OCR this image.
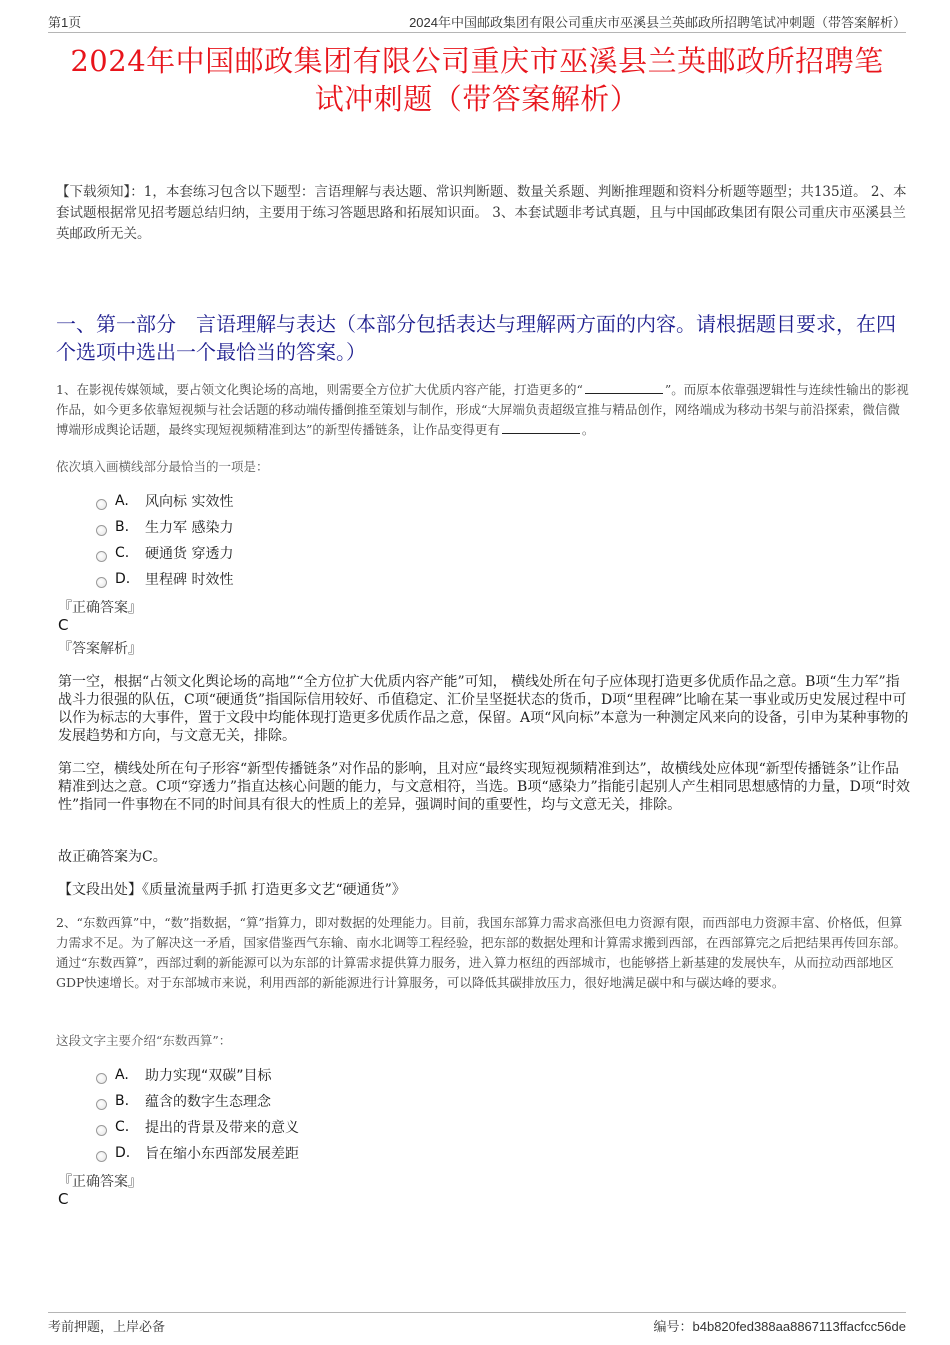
第1页	2024年中国邮政集团有限公司重庆市巫溪县兰英邮政所招聘笔试冲刺题（带答案解析）
2024年中国邮政集团有限公司重庆市巫溪县兰英邮政所招聘笔
试冲刺题（带答案解析）
【下载须知】：1，本套练习包含以下题型：言语理解与表达题、常识判断题、数量关系题、判断推理题和资料分析题等题型；共135道。 2、本套试题根据常见招考题总结归纳，主要用于练习答题思路和拓展知识面。 3、本套试题非考试真题，且与中国邮政集团有限公司重庆市巫溪县兰英邮政所无关。
一、第一部分　言语理解与表达（本部分包括表达与理解两方面的内容。请根据题目要求，在四个选项中选出一个最恰当的答案。）
1、在影视传媒领域，要占领文化舆论场的高地，则需要全方位扩大优质内容产能，打造更多的“	”。而原本依靠强逻辑性与连续性输出的影视作品，如今更多依靠短视频与社会话题的移动端传播倒推至策划与制作，形成“大屏端负责超级宣推与精品创作，网络端成为移动书架与前沿探索，微信微博端形成舆论话题，最终实现短视频精准到达”的新型传播链条，让作品变得更有	。
依次填入画横线部分最恰当的一项是：
A.	风向标 实效性
B.	生力军 感染力
C.	硬通货 穿透力
D.	里程碑 时效性
『正确答案』
C
『答案解析』
第一空，根据“占领文化舆论场的高地”“全方位扩大优质内容产能”可知， 横线处所在句子应体现打造更多优质作品之意。B项“生力军”指战斗力很强的队伍，C项“硬通货”指国际信用较好、币值稳定、汇价呈坚挺状态的货币，D项“里程碑”比喻在某一事业或历史发展过程中可以作为标志的大事件，置于文段中均能体现打造更多优质作品之意，保留。A项“风向标”本意为一种测定风来向的设备，引申为某种事物的发展趋势和方向，与文意无关，排除。
第二空，横线处所在句子形容“新型传播链条”对作品的影响，且对应“最终实现短视频精准到达”，故横线处应体现“新型传播链条”让作品精准到达之意。C项“穿透力”指直达核心问题的能力，与文意相符，当选。B项“感染力”指能引起别人产生相同思想感情的力量，D项“时效性”指同一件事物在不同的时间具有很大的性质上的差异，强调时间的重要性，均与文意无关，排除。
故正确答案为C。
【文段出处】《质量流量两手抓 打造更多文艺“硬通货”》
2、“东数西算”中，“数”指数据，“算”指算力，即对数据的处理能力。目前，我国东部算力需求高涨但电力资源有限，而西部电力资源丰富、价格低，但算力需求不足。为了解决这一矛盾，国家借鉴西气东输、南水北调等工程经验，把东部的数据处理和计算需求搬到西部，在西部算完之后把结果再传回东部。通过“东数西算”，西部过剩的新能源可以为东部的计算需求提供算力服务，进入算力枢纽的西部城市，也能够搭上新基建的发展快车，从而拉动西部地区GDP快速增长。对于东部城市来说，利用西部的新能源进行计算服务，可以降低其碳排放压力，很好地满足碳中和与碳达峰的要求。
这段文字主要介绍“东数西算”：
A.	助力实现“双碳”目标
B.	蕴含的数字生态理念
C.	提出的背景及带来的意义
D.	旨在缩小东西部发展差距
『正确答案』
C
考前押题，上岸必备	编号：b4b820fed388aa8867113ffacfcc56de
